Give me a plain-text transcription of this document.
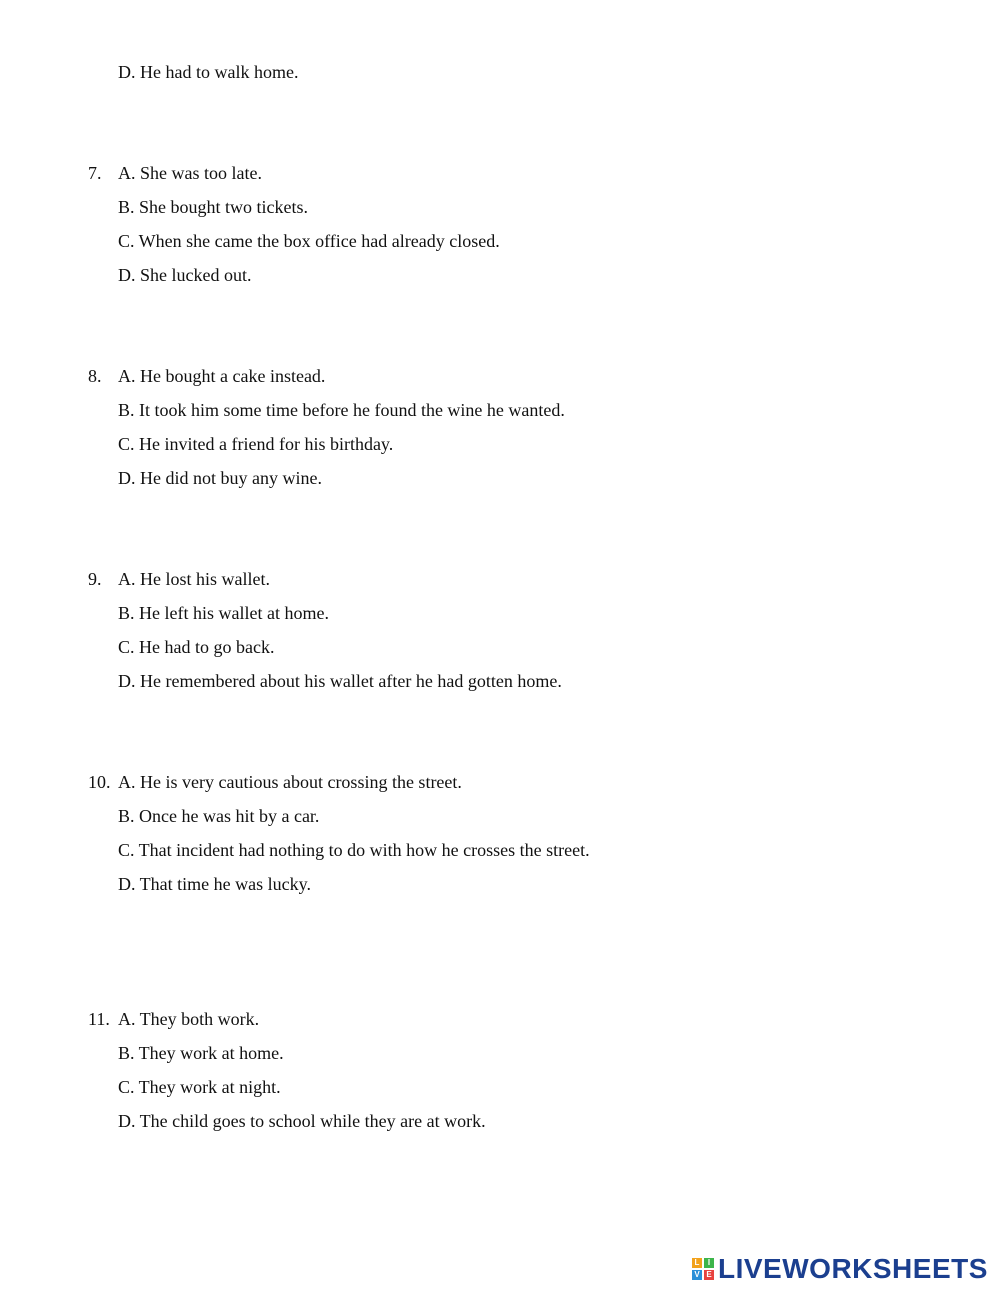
D. He had to walk home.
7. A. She was too late.
B. She bought two tickets.
C. When she came the box office had already closed.
D. She lucked out.
8. A. He bought a cake instead.
B. It took him some time before he found the wine he wanted.
C. He invited a friend for his birthday.
D. He did not buy any wine.
9. A. He lost his wallet.
B. He left his wallet at home.
C. He had to go back.
D. He remembered about his wallet after he had gotten home.
10. A. He is very cautious about crossing the street.
B. Once he was hit by a car.
C. That incident had nothing to do with how he crosses the street.
D. That time he was lucky.
11. A. They both work.
B. They work at home.
C. They work at night.
D. The child goes to school while they are at work.
L	I
V E LIVEWORKSHEETS
